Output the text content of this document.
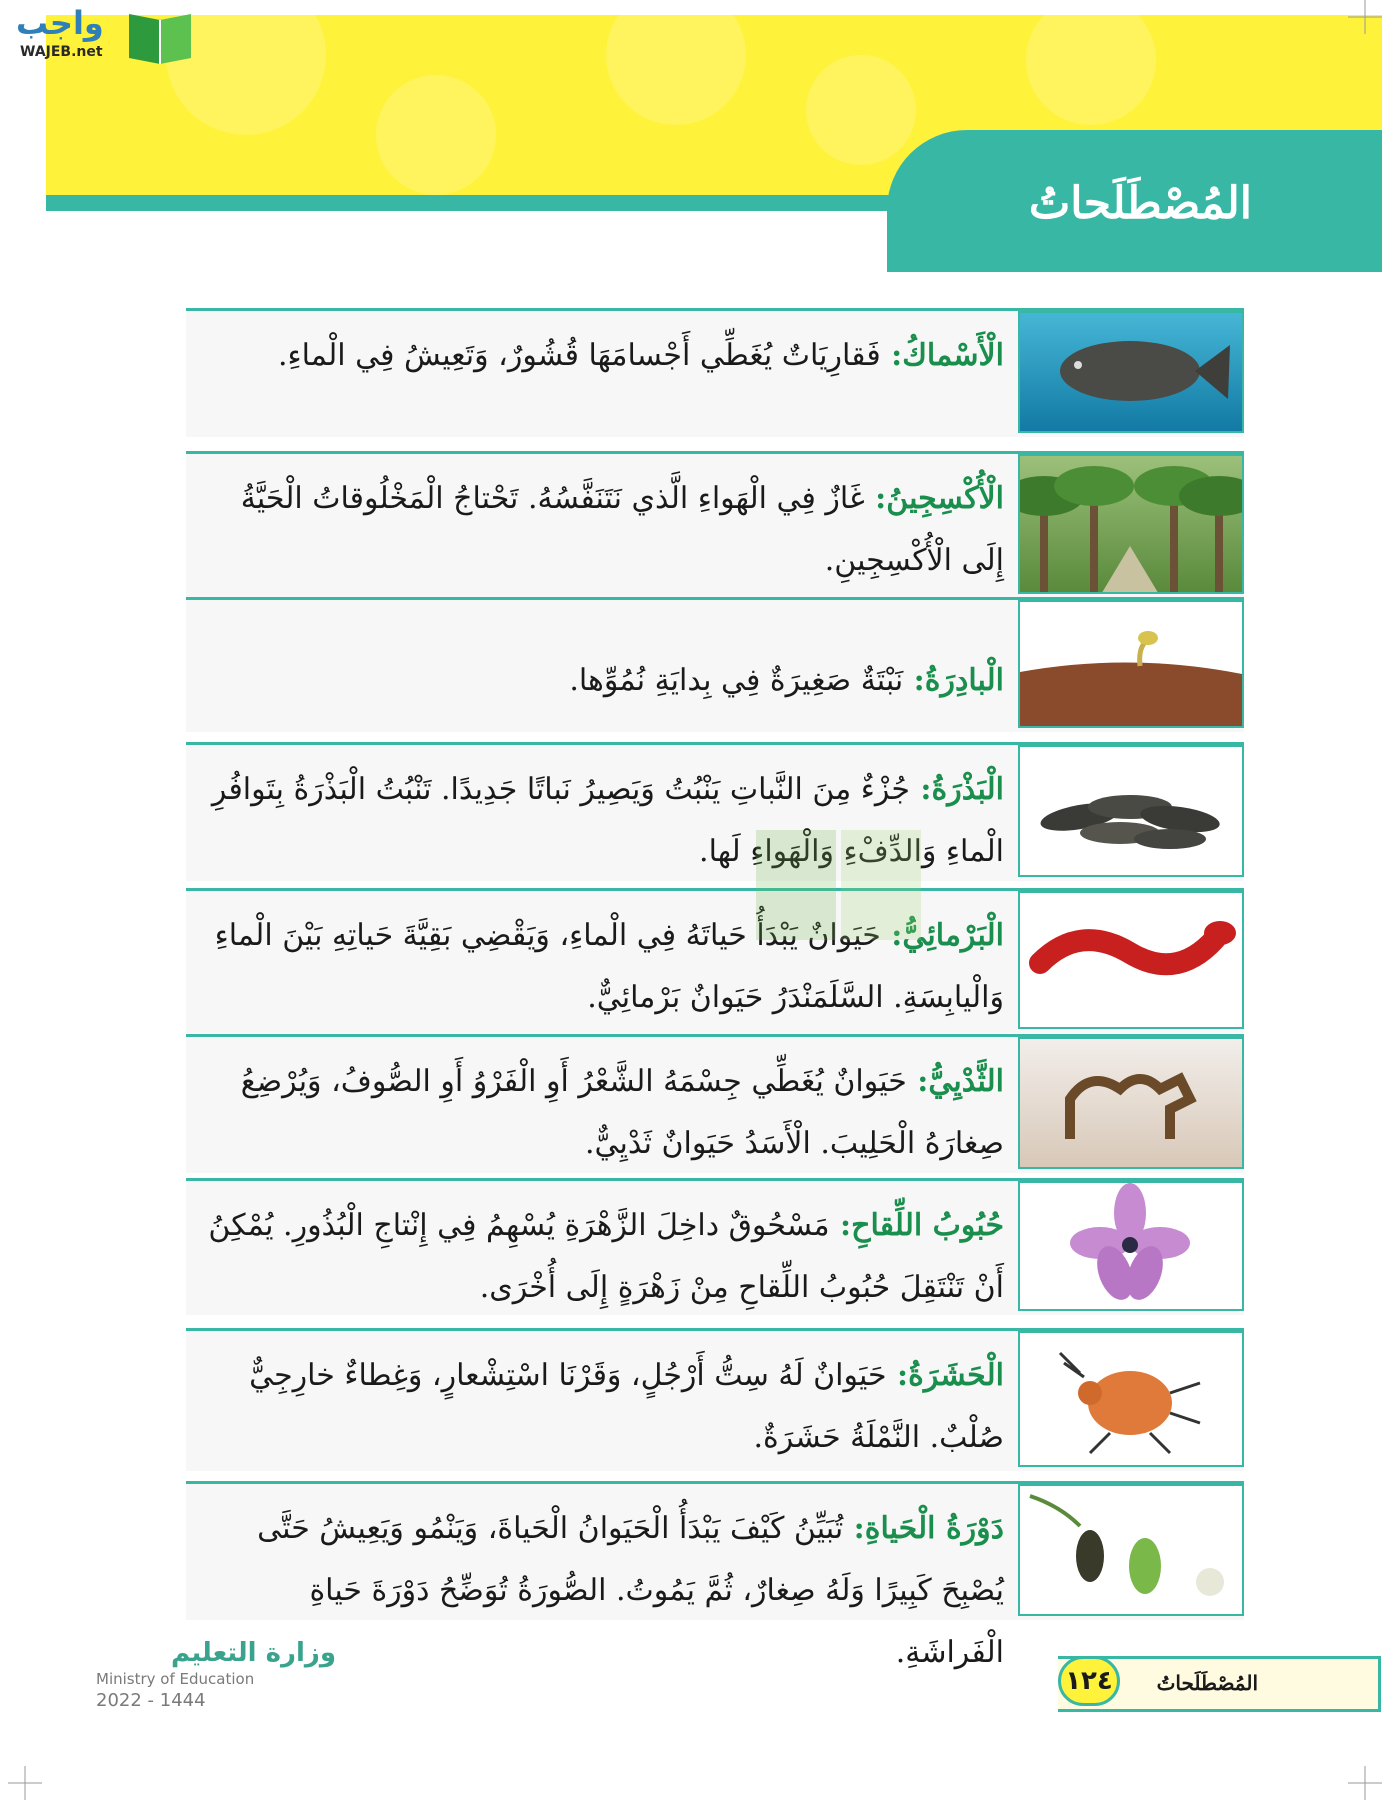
المُصْطَلَحاتُ
واجب
WAJEB.net
الْأَسْماكُ: فَقارِيَاتٌ يُغَطِّي أَجْسامَهَا قُشُورٌ، وَتَعِيشُ فِي الْماءِ.
الْأُكْسِجِينُ: غَازٌ فِي الْهَواءِ الَّذي نَتَنَفَّسُهُ. تَحْتاجُ الْمَخْلُوقاتُ الْحَيَّةُ إِلَى الْأُكْسِجِينِ.
الْبادِرَةُ: نَبْتَةٌ صَغِيرَةٌ فِي بِدايَةِ نُمُوِّها.
الْبَذْرَةُ: جُزْءٌ مِنَ النَّباتِ يَنْبُتُ وَيَصِيرُ نَباتًا جَدِيدًا. تَنْبُتُ الْبَذْرَةُ بِتَوافُرِ الْماءِ وَالدِّفْءِ وَالْهَواءِ لَها.
الْبَرْمائِيُّ: حَيَوانٌ يَبْدَأُ حَياتَهُ فِي الْماءِ، وَيَقْضِي بَقِيَّةَ حَياتِهِ بَيْنَ الْماءِ وَالْيابِسَةِ. السَّلَمَنْدَرُ حَيَوانٌ بَرْمائِيٌّ.
الثَّدْيِيُّ: حَيَوانٌ يُغَطِّي جِسْمَهُ الشَّعْرُ أَوِ الْفَرْوُ أَوِ الصُّوفُ، وَيُرْضِعُ صِغارَهُ الْحَلِيبَ. الْأَسَدُ حَيَوانٌ ثَدْيِيٌّ.
حُبُوبُ اللِّقاحِ: مَسْحُوقٌ داخِلَ الزَّهْرَةِ يُسْهِمُ فِي إِنْتاجِ الْبُذُورِ. يُمْكِنُ أَنْ تَنْتَقِلَ حُبُوبُ اللِّقاحِ مِنْ زَهْرَةٍ إِلَى أُخْرَى.
الْحَشَرَةُ: حَيَوانٌ لَهُ سِتُّ أَرْجُلٍ، وَقَرْنَا اسْتِشْعارٍ، وَغِطاءٌ خارِجِيٌّ صُلْبٌ. النَّمْلَةُ حَشَرَةٌ.
دَوْرَةُ الْحَياةِ: تُبَيِّنُ كَيْفَ يَبْدَأُ الْحَيَوانُ الْحَياةَ، وَيَنْمُو وَيَعِيشُ حَتَّى يُصْبِحَ كَبِيرًا وَلَهُ صِغارٌ، ثُمَّ يَمُوتُ. الصُّورَةُ تُوَضِّحُ دَوْرَةَ حَياةِ الْفَراشَةِ.
المُصْطَلَحاتُ
١٢٤
وزارة التعليم
Ministry of Education
2022 - 1444
